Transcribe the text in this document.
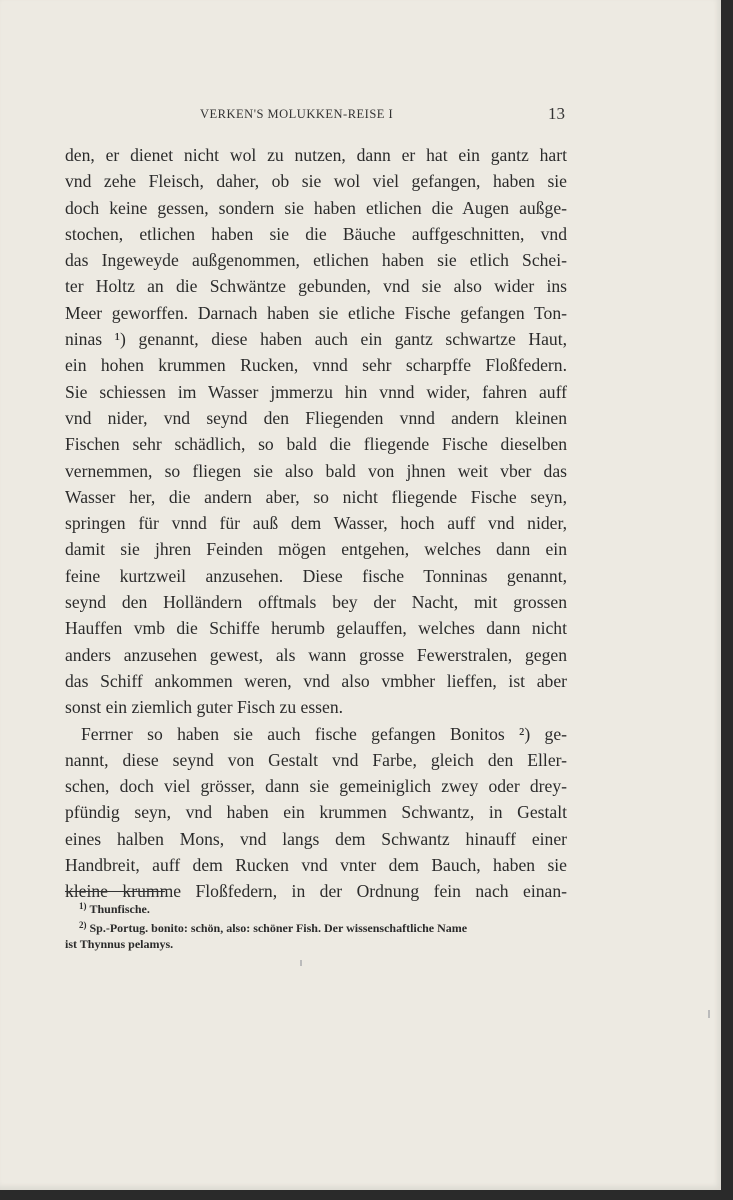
VERKEN'S MOLUKKEN-REISE I	13
den, er dienet nicht wol zu nutzen, dann er hat ein gantz hart
vnd zehe Fleisch, daher, ob sie wol viel gefangen, haben sie
doch keine gessen, sondern sie haben etlichen die Augen außge-
stochen, etlichen haben sie die Bäuche auffgeschnitten, vnd
das Ingeweyde außgenommen, etlichen haben sie etlich Schei-
ter Holtz an die Schwäntze gebunden, vnd sie also wider ins
Meer geworffen. Darnach haben sie etliche Fische gefangen Ton-
ninas ¹) genannt, diese haben auch ein gantz schwartze Haut,
ein hohen krummen Rucken, vnnd sehr scharpffe Floßfedern.
Sie schiessen im Wasser jmmerzu hin vnnd wider, fahren auff
vnd nider, vnd seynd den Fliegenden vnnd andern kleinen
Fischen sehr schädlich, so bald die fliegende Fische dieselben
vernemmen, so fliegen sie also bald von jhnen weit vber das
Wasser her, die andern aber, so nicht fliegende Fische seyn,
springen für vnnd für auß dem Wasser, hoch auff vnd nider,
damit sie jhren Feinden mögen entgehen, welches dann ein
feine kurtzweil anzusehen. Diese fische Tonninas genannt,
seynd den Holländern offtmals bey der Nacht, mit grossen
Hauffen vmb die Schiffe herumb gelauffen, welches dann nicht
anders anzusehen gewest, als wann grosse Fewerstralen, gegen
das Schiff ankommen weren, vnd also vmbher lieffen, ist aber
sonst ein ziemlich guter Fisch zu essen.
Ferrner so haben sie auch fische gefangen Bonitos ²) ge-
nannt, diese seynd von Gestalt vnd Farbe, gleich den Eller-
schen, doch viel grösser, dann sie gemeiniglich zwey oder drey-
pfündig seyn, vnd haben ein krummen Schwantz, in Gestalt
eines halben Mons, vnd langs dem Schwantz hinauff einer
Handbreit, auff dem Rucken vnd vnter dem Bauch, haben sie
kleine krumme Floßfedern, in der Ordnung fein nach einan-
$^{1)}$ Thunfische.
$^{2)}$ Sp.-Portug. bonito: schön, also: schöner Fish. Der wissenschaftliche Name
ist Thynnus pelamys.
